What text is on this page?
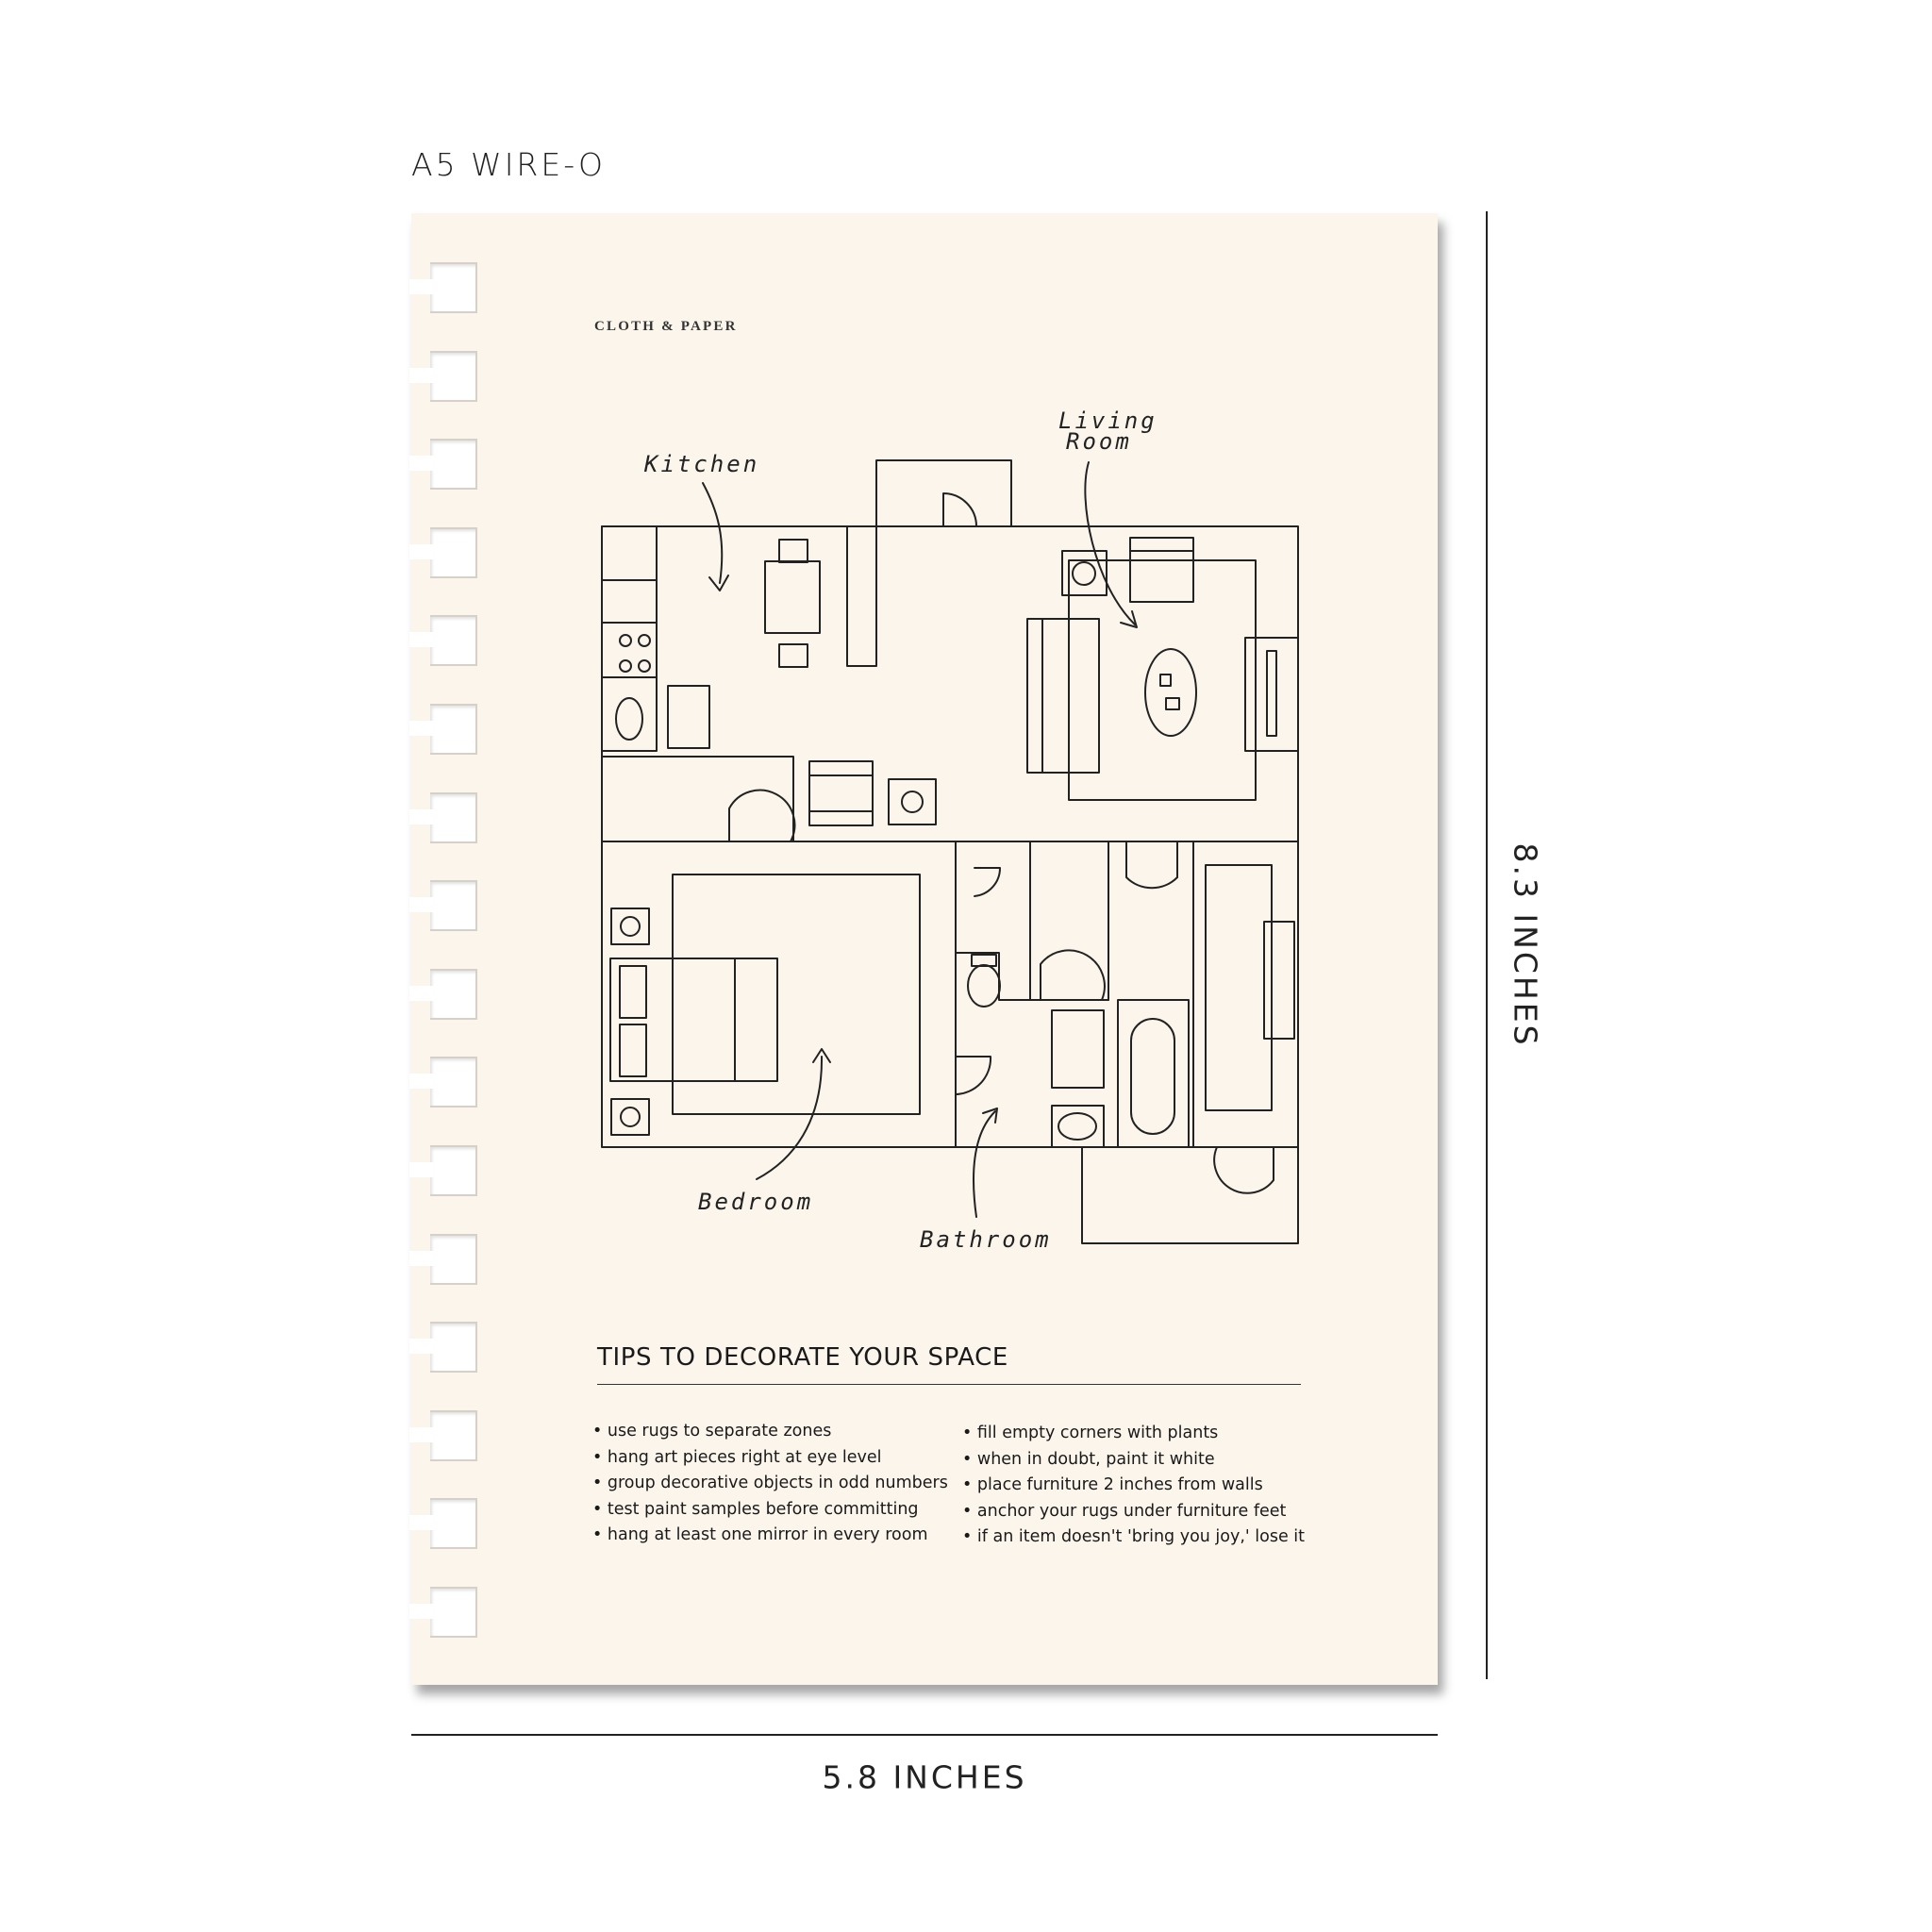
A5 WIRE-O
CLOTH & PAPER
Kitchen
Living
Room
Bedroom
Bathroom
TIPS TO DECORATE YOUR SPACE
• use rugs to separate zones
• hang art pieces right at eye level
• group decorative objects in odd numbers
• test paint samples before committing
• hang at least one mirror in every room
• fill empty corners with plants
• when in doubt, paint it white
• place furniture 2 inches from walls
• anchor your rugs under furniture feet
• if an item doesn't 'bring you joy,' lose it
8.3 INCHES
5.8 INCHES
